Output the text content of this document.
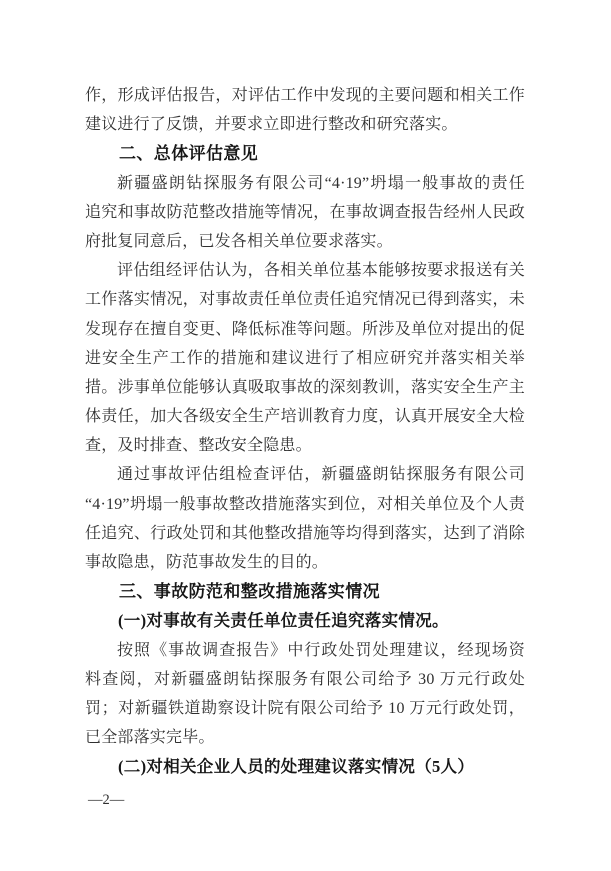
作，形成评估报告，对评估工作中发现的主要问题和相关工作
建议进行了反馈，并要求立即进行整改和研究落实。
二、总体评估意见
新疆盛朗钻探服务有限公司“4·19”坍塌一般事故的责任
追究和事故防范整改措施等情况，在事故调查报告经州人民政
府批复同意后，已发各相关单位要求落实。
评估组经评估认为，各相关单位基本能够按要求报送有关
工作落实情况，对事故责任单位责任追究情况已得到落实，未
发现存在擅自变更、降低标准等问题。所涉及单位对提出的促
进安全生产工作的措施和建议进行了相应研究并落实相关举
措。涉事单位能够认真吸取事故的深刻教训，落实安全生产主
体责任，加大各级安全生产培训教育力度，认真开展安全大检
查，及时排查、整改安全隐患。
通过事故评估组检查评估，新疆盛朗钻探服务有限公司
“4·19”坍塌一般事故整改措施落实到位，对相关单位及个人责
任追究、行政处罚和其他整改措施等均得到落实，达到了消除
事故隐患，防范事故发生的目的。
三、事故防范和整改措施落实情况
(一)对事故有关责任单位责任追究落实情况。
按照《事故调查报告》中行政处罚处理建议，经现场资
料查阅，对新疆盛朗钻探服务有限公司给予 30 万元行政处
罚；对新疆铁道勘察设计院有限公司给予 10 万元行政处罚，
已全部落实完毕。
(二)对相关企业人员的处理建议落实情况（5人）
—2—
